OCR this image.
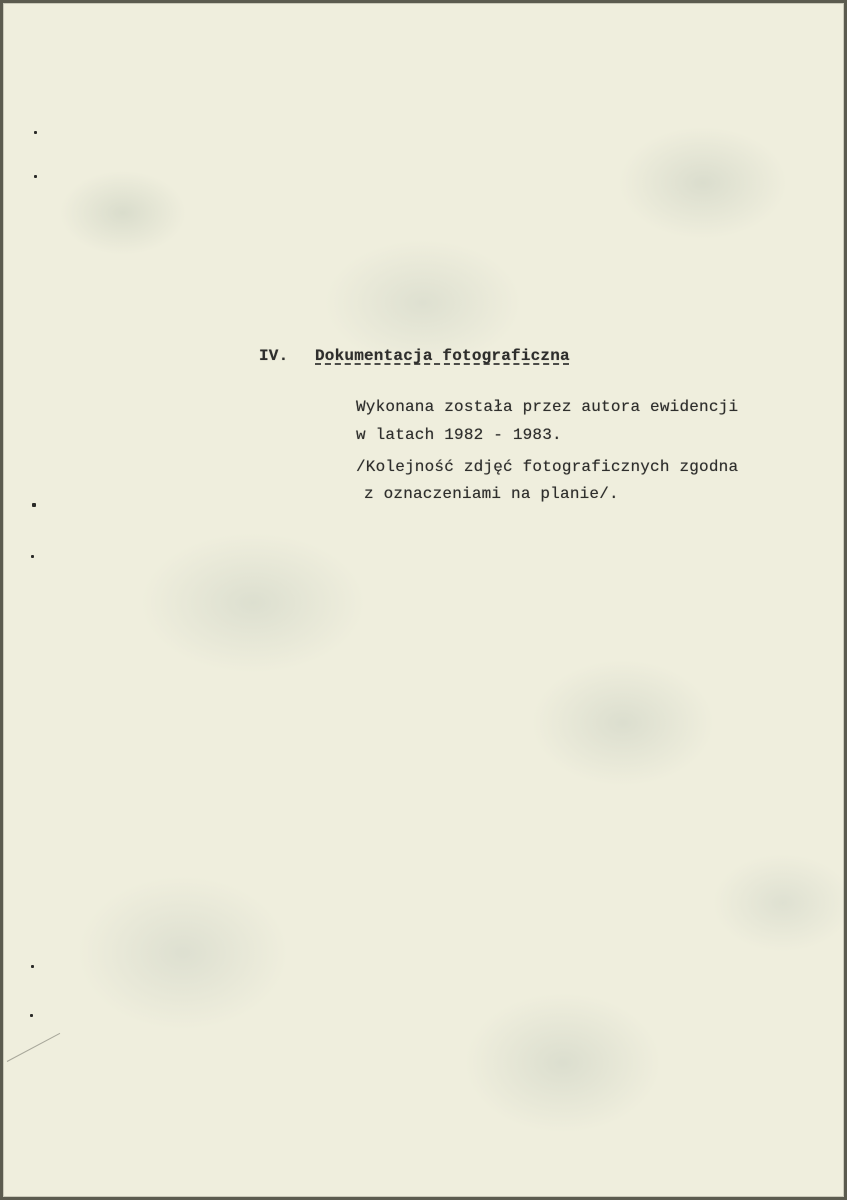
IV. Dokumentacja fotograficzna
Wykonana została przez autora ewidencji
w latach 1982 - 1983.
/Kolejność zdjęć fotograficznych zgodna
z oznaczeniami na planie/.
